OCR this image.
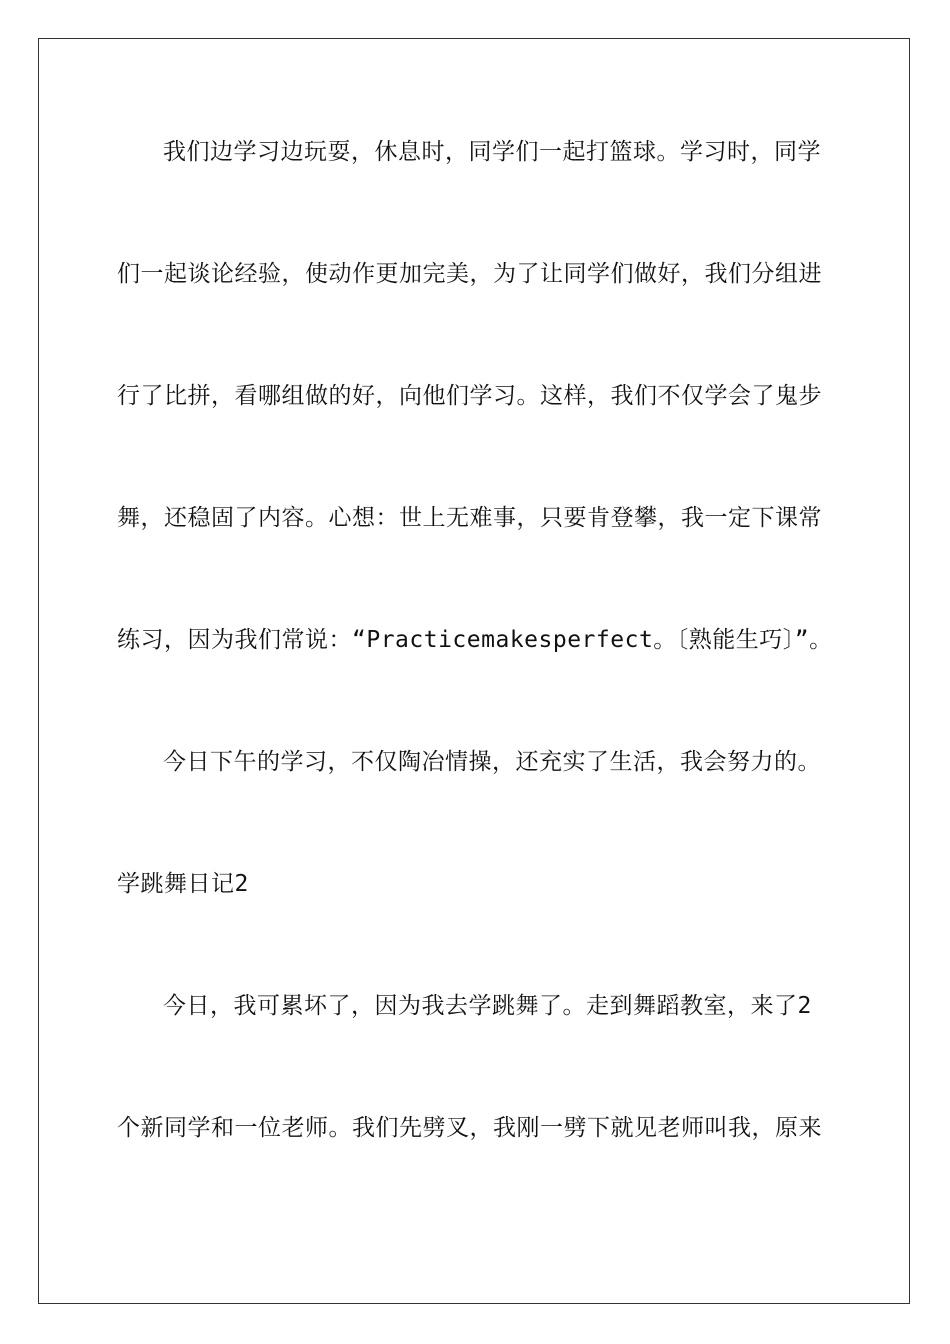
我们边学习边玩耍，休息时，同学们一起打篮球。学习时，同学
们一起谈论经验，使动作更加完美，为了让同学们做好，我们分组进
行了比拼，看哪组做的好，向他们学习。这样，我们不仅学会了鬼步
舞，还稳固了内容。心想：世上无难事，只要肯登攀，我一定下课常
练习，因为我们常说：“Practicemakesperfect。〔熟能生巧〕”。
今日下午的学习，不仅陶冶情操，还充实了生活，我会努力的。
学跳舞日记2
今日，我可累坏了，因为我去学跳舞了。走到舞蹈教室，来了2
个新同学和一位老师。我们先劈叉，我刚一劈下就见老师叫我，原来
